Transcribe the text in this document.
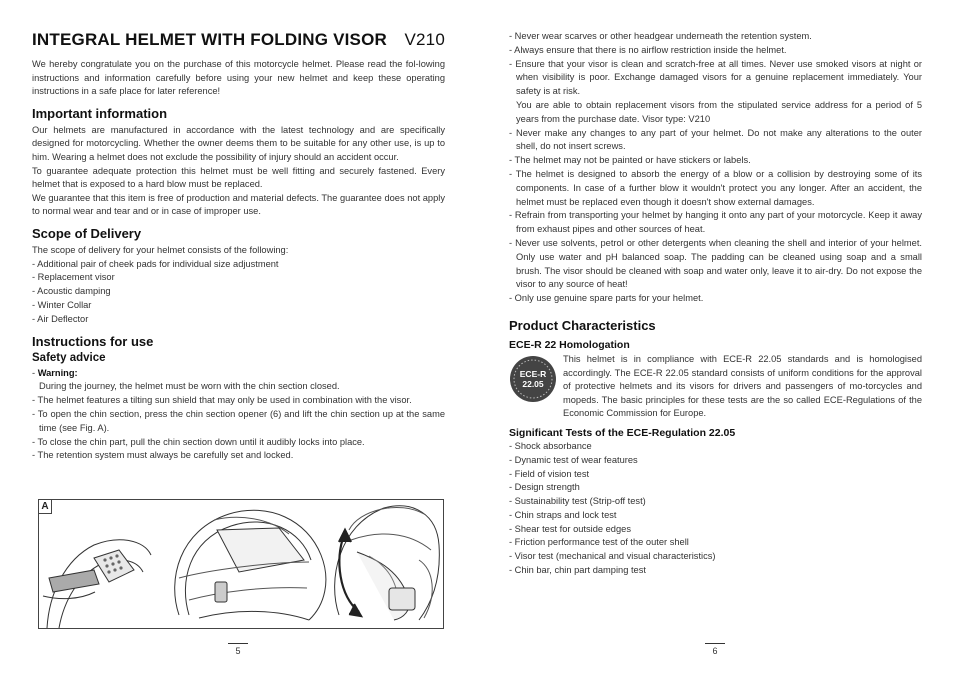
INTEGRAL HELMET WITH FOLDING VISOR V210

We hereby congratulate you on the purchase of this motorcycle helmet. Please read the fol-lowing instructions and information carefully before using your new helmet and keep these operating instructions in a safe place for later reference!

Important information

Our helmets are manufactured in accordance with the latest technology and are specifically designed for motorcycling. Whether the owner deems them to be suitable for any other use, is up to him. Wearing a helmet does not exclude the possibility of injury should an accident occur.

To guarantee adequate protection this helmet must be well fitting and securely fastened. Every helmet that is exposed to a hard blow must be replaced.

We guarantee that this item is free of production and material defects. The guarantee does not apply to normal wear and tear and or in case of improper use.

Scope of Delivery

The scope of delivery for your helmet consists of the following:

- Additional pair of cheek pads for individual size adjustment
- Replacement visor
- Acoustic damping
- Winter Collar
- Air Deflector
Instructions for use
Safety advice
- Warning:
During the journey, the helmet must be worn with the chin section closed.
- The helmet features a tilting sun shield that may only be used in combination with the visor.
- To open the chin section, press the chin section opener (6) and lift the chin section up at the same time (see Fig. A).
- To close the chin part, pull the chin section down until it audibly locks into place.
- The retention system must always be carefully set and locked.
A
5
- Never wear scarves or other headgear underneath the retention system.
- Always ensure that there is no airflow restriction inside the helmet.
- Ensure that your visor is clean and scratch-free at all times. Never use smoked visors at night or when visibility is poor. Exchange damaged visors for a genuine replacement immediately. Your safety is at risk.
You are able to obtain replacement visors from the stipulated service address for a period of 5 years from the purchase date. Visor type: V210
- Never make any changes to any part of your helmet. Do not make any alterations to the outer shell, do not insert screws.
- The helmet may not be painted or have stickers or labels.
- The helmet is designed to absorb the energy of a blow or a collision by destroying some of its components. In case of a further blow it wouldn't protect you any longer. After an accident, the helmet must be replaced even though it doesn't show external damages.
- Refrain from transporting your helmet by hanging it onto any part of your motorcycle. Keep it away from exhaust pipes and other sources of heat.
- Never use solvents, petrol or other detergents when cleaning the shell and interior of your helmet. Only use water and pH balanced soap. The padding can be cleaned using soap and a small brush. The visor should be cleaned with soap and water only, leave it to air-dry. Do not expose the visor to any source of heat!
- Only use genuine spare parts for your helmet.
Product Characteristics
ECE-R 22 Homologation
ECE-R
22.05

This helmet is in compliance with ECE-R 22.05 standards and is homologised accordingly. The ECE-R 22.05 standard consists of uniform conditions for the approval of protective helmets and its visors for drivers and passengers of mo-torcycles and mopeds. The basic principles for these tests are the so called ECE-Regulations of the Economic Commission for Europe.

Significant Tests of the ECE-Regulation 22.05
- Shock absorbance
- Dynamic test of wear features
- Field of vision test
- Design strength
- Sustainability test (Strip-off test)
- Chin straps and lock test
- Shear test for outside edges
- Friction performance test of the outer shell
- Visor test (mechanical and visual characteristics)
- Chin bar, chin part damping test
6
